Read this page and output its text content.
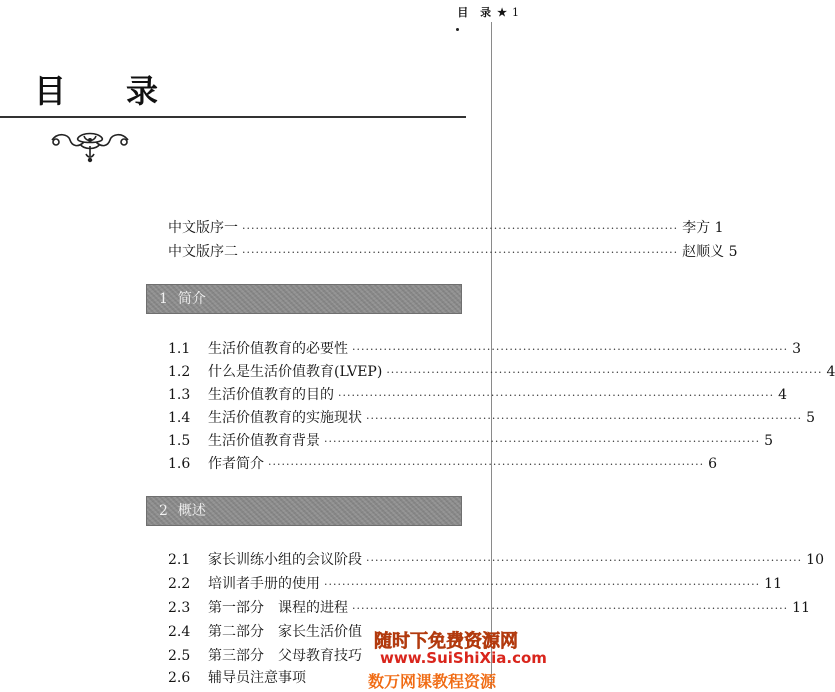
目 录 ★ 1
目录
中文版序一 ·····	李方 1
中文版序二 ·····	赵顺义 5
1 简介
1.1	生活价值教育的必要性 ·····	3
1.2	什么是生活价值教育(LVEP) ·····	4
1.3	生活价值教育的目的 ·····	4
1.4	生活价值教育的实施现状 ·····	5
1.5	生活价值教育背景 ·····	5
1.6	作者简介 ·····	6
2 概述
2.1	家长训练小组的会议阶段 ·····	10
2.2	培训者手册的使用 ·····	11
2.3	第一部分　课程的进程 ·····	11
2.4	第二部分　家长生活价值
2.5	第三部分　父母教育技巧
2.6	辅导员注意事项
随时下免费资源网
www.SuiShiXia.com
数万网课教程资源
